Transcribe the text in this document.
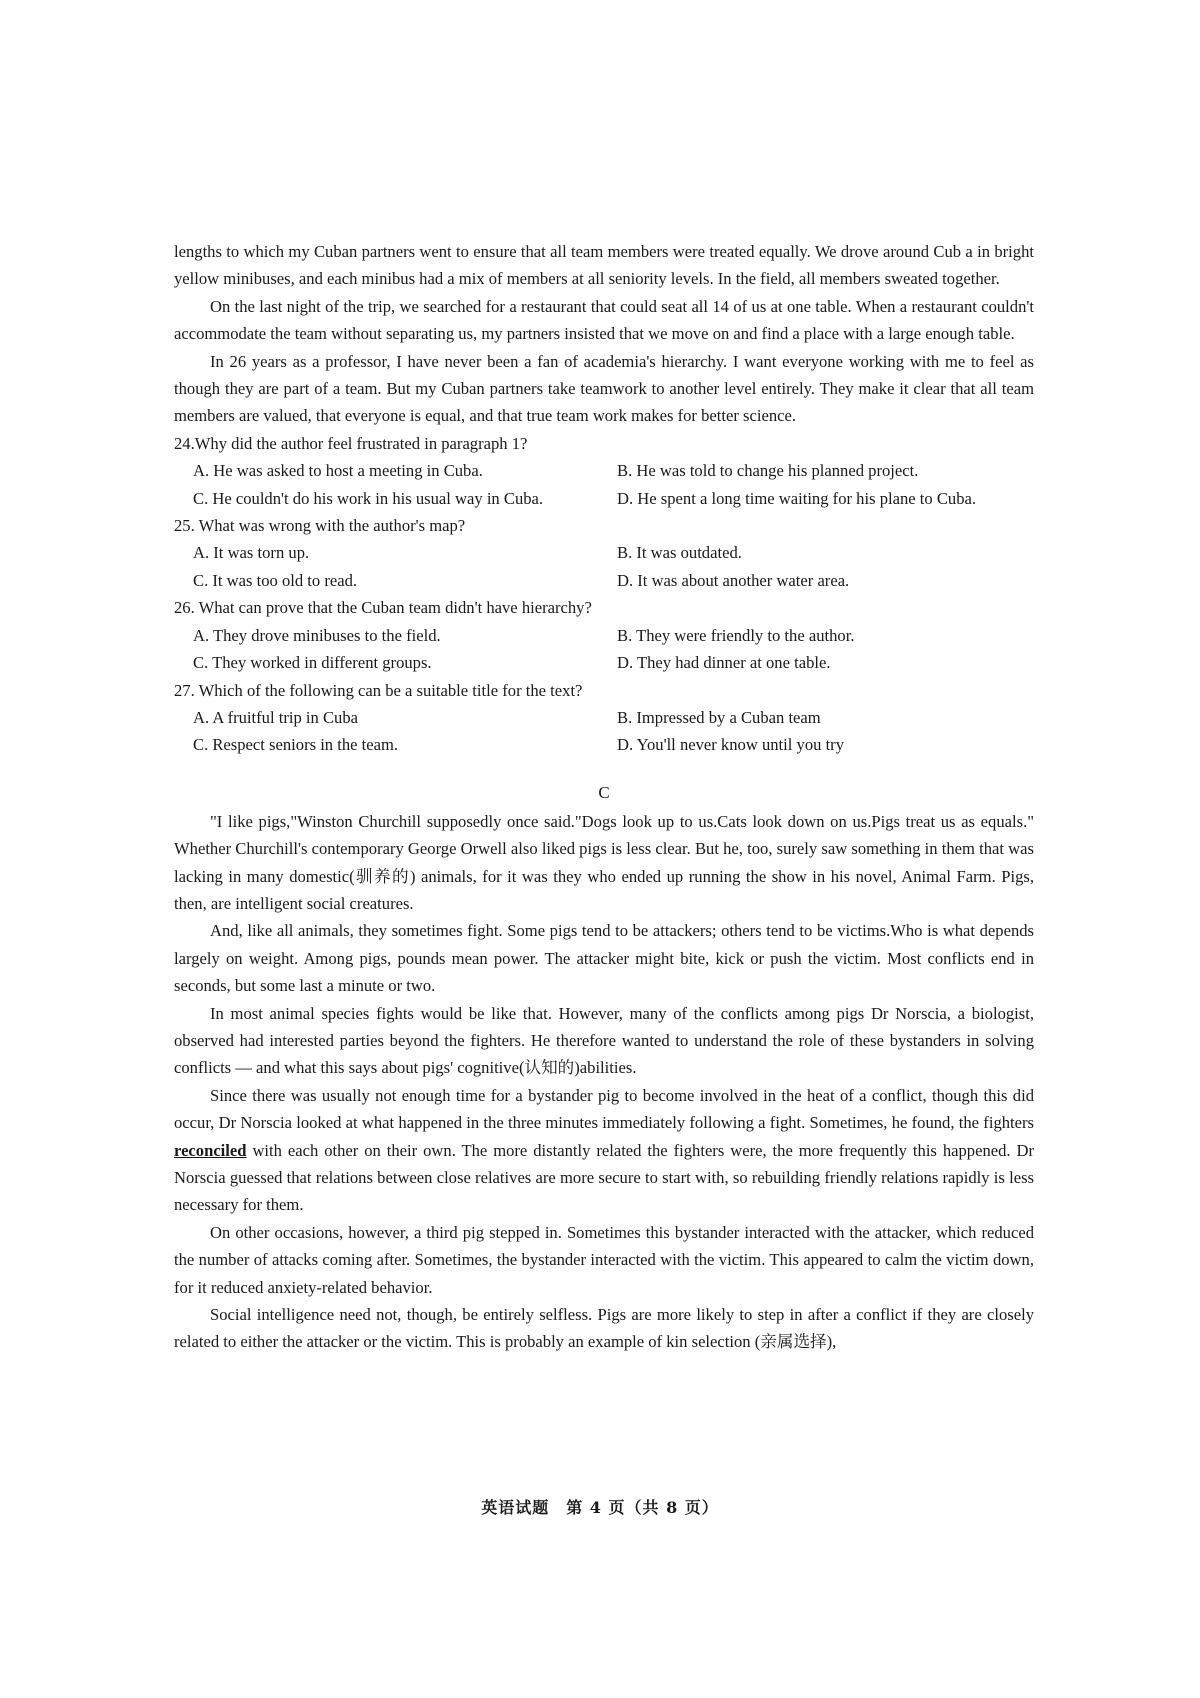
lengths to which my Cuban partners went to ensure that all team members were treated equally. We drove around Cub a in bright yellow minibuses, and each minibus had a mix of members at all seniority levels. In the field, all members sweated together.

On the last night of the trip, we searched for a restaurant that could seat all 14 of us at one table. When a restaurant couldn't accommodate the team without separating us, my partners insisted that we move on and find a place with a large enough table.

In 26 years as a professor, I have never been a fan of academia's hierarchy. I want everyone working with me to feel as though they are part of a team. But my Cuban partners take teamwork to another level entirely. They make it clear that all team members are valued, that everyone is equal, and that true team work makes for better science.

24.Why did the author feel frustrated in paragraph 1?

A. He was asked to host a meeting in Cuba.	B. He was told to change his planned project.
C. He couldn't do his work in his usual way in Cuba.	D. He spent a long time waiting for his plane to Cuba.

25. What was wrong with the author's map?

A. It was torn up.	B. It was outdated.
C. It was too old to read.	D. It was about another water area.

26. What can prove that the Cuban team didn't have hierarchy?

A. They drove minibuses to the field.	B. They were friendly to the author.
C. They worked in different groups.	D. They had dinner at one table.

27. Which of the following can be a suitable title for the text?

A. A fruitful trip in Cuba	B. Impressed by a Cuban team
C. Respect seniors in the team.	D. You'll never know until you try
C

"I like pigs,"Winston Churchill supposedly once said."Dogs look up to us.Cats look down on us.Pigs treat us as equals." Whether Churchill's contemporary George Orwell also liked pigs is less clear. But he, too, surely saw something in them that was lacking in many domestic(驯养的) animals, for it was they who ended up running the show in his novel, Animal Farm. Pigs, then, are intelligent social creatures.

And, like all animals, they sometimes fight. Some pigs tend to be attackers; others tend to be victims.Who is what depends largely on weight. Among pigs, pounds mean power. The attacker might bite, kick or push the victim. Most conflicts end in seconds, but some last a minute or two.

In most animal species fights would be like that. However, many of the conflicts among pigs Dr Norscia, a biologist, observed had interested parties beyond the fighters. He therefore wanted to understand the role of these bystanders in solving conflicts — and what this says about pigs' cognitive(认知的)abilities.

Since there was usually not enough time for a bystander pig to become involved in the heat of a conflict, though this did occur, Dr Norscia looked at what happened in the three minutes immediately following a fight. Sometimes, he found, the fighters reconciled with each other on their own. The more distantly related the fighters were, the more frequently this happened. Dr Norscia guessed that relations between close relatives are more secure to start with, so rebuilding friendly relations rapidly is less necessary for them.

On other occasions, however, a third pig stepped in. Sometimes this bystander interacted with the attacker, which reduced the number of attacks coming after. Sometimes, the bystander interacted with the victim. This appeared to calm the victim down, for it reduced anxiety-related behavior.

Social intelligence need not, though, be entirely selfless. Pigs are more likely to step in after a conflict if they are closely related to either the attacker or the victim. This is probably an example of kin selection (亲属选择),

英语试题　第 4 页（共 8 页）
